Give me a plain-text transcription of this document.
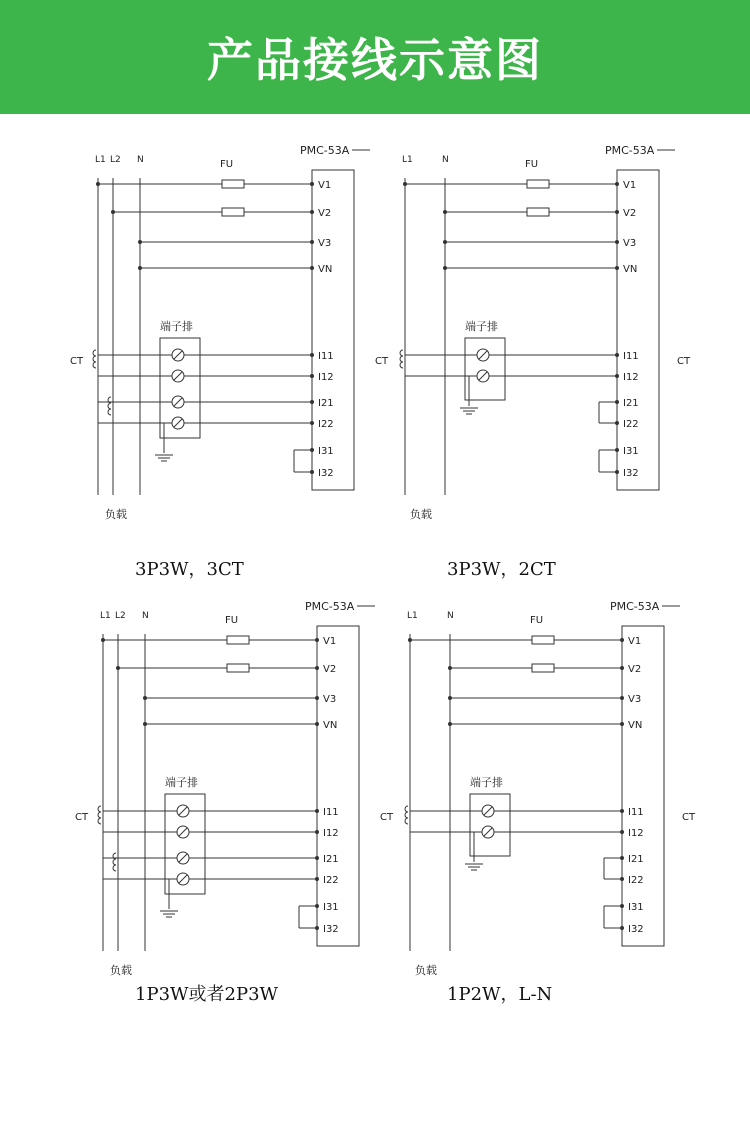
产品接线示意图
L1 L2 N
PMC-53A
FU
V1
V2
V3
VN
端子排
CT	I11
I12
I21
I22
I31
I32
负载
L1	N
PMC-53A
FU
V1
V2
V3
VN
端子排
CT	I11
I12
I21
I22
I31
I32
CT
负载
L1 L2 N
PMC-53A
FU
V1
V2
V3
VN
端子排
CT	I11
I12
I21
I22
I31
I32
负载
L1	N
PMC-53A
FU
V1
V2
V3
VN
端子排
CT	I11
I12
I21
I22
I31
I32
CT
负载
3P3W，3CT	3P3W，2CT
1P3W或者2P3W	1P2W，L-N
